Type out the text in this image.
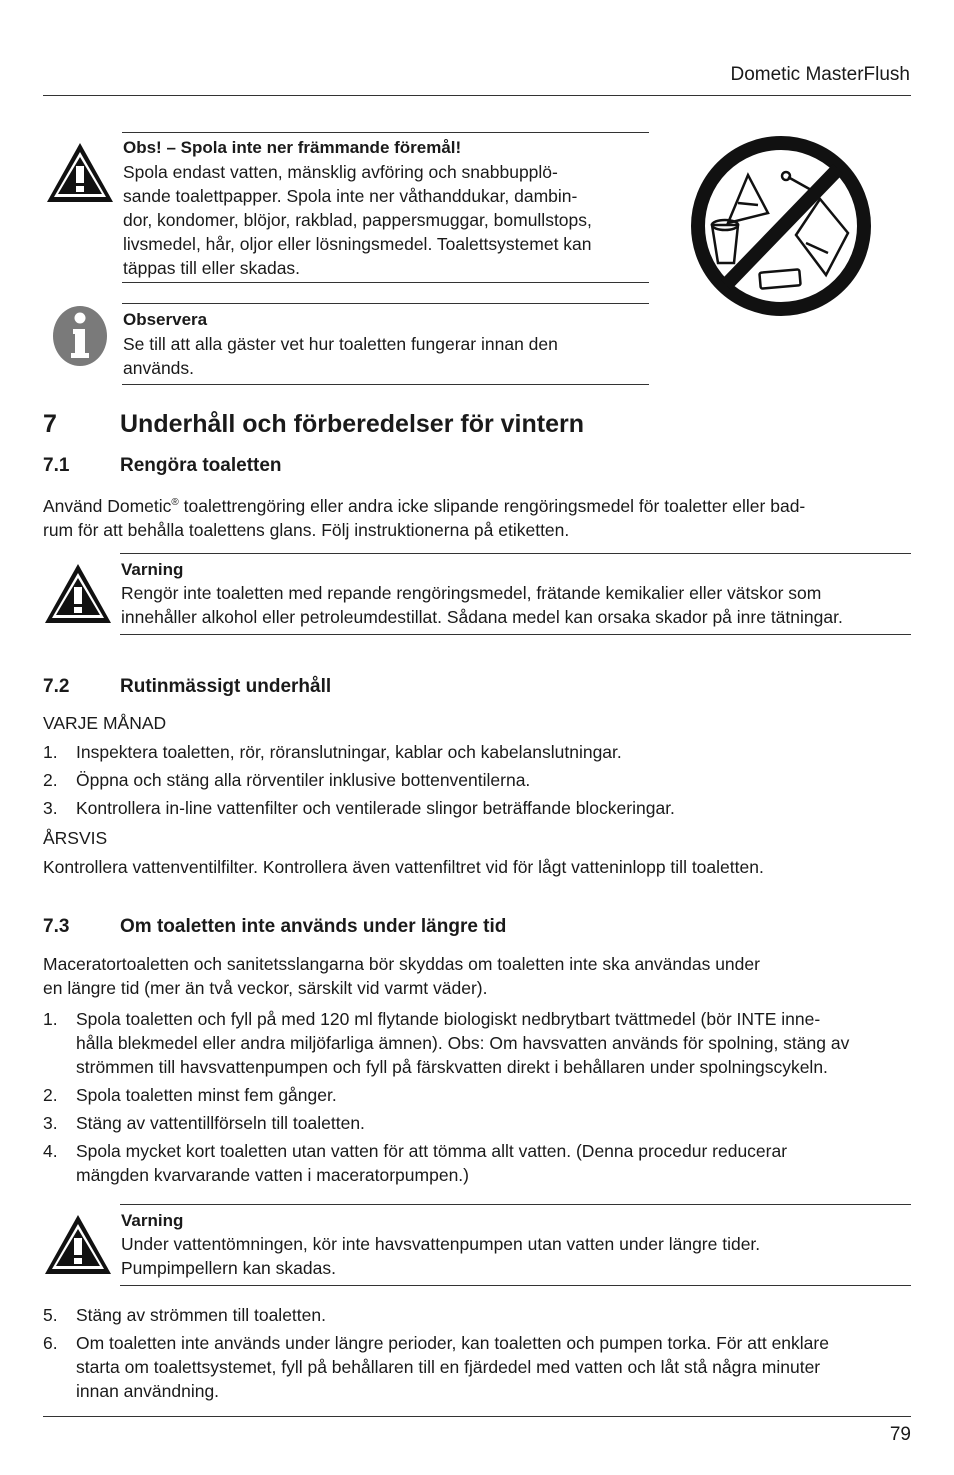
Dometic MasterFlush
Obs! – Spola inte ner främmande föremål!
Spola endast vatten, mänsklig avföring och snabbupplö-
sande toalettpapper. Spola inte ner våthanddukar, dambin-
dor, kondomer, blöjor, rakblad, pappersmuggar, bomullstops,
livsmedel, hår, oljor eller lösningsmedel. Toalettsystemet kan
täppas till eller skadas.
Observera
Se till att alla gäster vet hur toaletten fungerar innan den
används.
7	Underhåll och förberedelser för vintern
7.1	Rengöra toaletten
Använd Dometic® toalettrengöring eller andra icke slipande rengöringsmedel för toaletter eller bad-
rum för att behålla toalettens glans. Följ instruktionerna på etiketten.
Varning
Rengör inte toaletten med repande rengöringsmedel, frätande kemikalier eller vätskor som
innehåller alkohol eller petroleumdestillat. Sådana medel kan orsaka skador på inre tätningar.
7.2	Rutinmässigt underhåll
VARJE MÅNAD
1. Inspektera toaletten, rör, röranslutningar, kablar och kabelanslutningar.
2. Öppna och stäng alla rörventiler inklusive bottenventilerna.
3. Kontrollera in-line vattenfilter och ventilerade slingor beträffande blockeringar.
ÅRSVIS
Kontrollera vattenventilfilter. Kontrollera även vattenfiltret vid för lågt vatteninlopp till toaletten.
7.3	Om toaletten inte används under längre tid
Maceratortoaletten och sanitetsslangarna bör skyddas om toaletten inte ska användas under
en längre tid (mer än två veckor, särskilt vid varmt väder).
1. Spola toaletten och fyll på med 120 ml flytande biologiskt nedbrytbart tvättmedel (bör INTE inne-
hålla blekmedel eller andra miljöfarliga ämnen). Obs: Om havsvatten används för spolning, stäng av
strömmen till havsvattenpumpen och fyll på färskvatten direkt i behållaren under spolningscykeln.
2. Spola toaletten minst fem gånger.
3. Stäng av vattentillförseln till toaletten.
4. Spola mycket kort toaletten utan vatten för att tömma allt vatten. (Denna procedur reducerar
mängden kvarvarande vatten i maceratorpumpen.)
Varning
Under vattentömningen, kör inte havsvattenpumpen utan vatten under längre tider.
Pumpimpellern kan skadas.
5. Stäng av strömmen till toaletten.
6. Om toaletten inte används under längre perioder, kan toaletten och pumpen torka. För att enklare
starta om toalettsystemet, fyll på behållaren till en fjärdedel med vatten och låt stå några minuter
innan användning.
79
